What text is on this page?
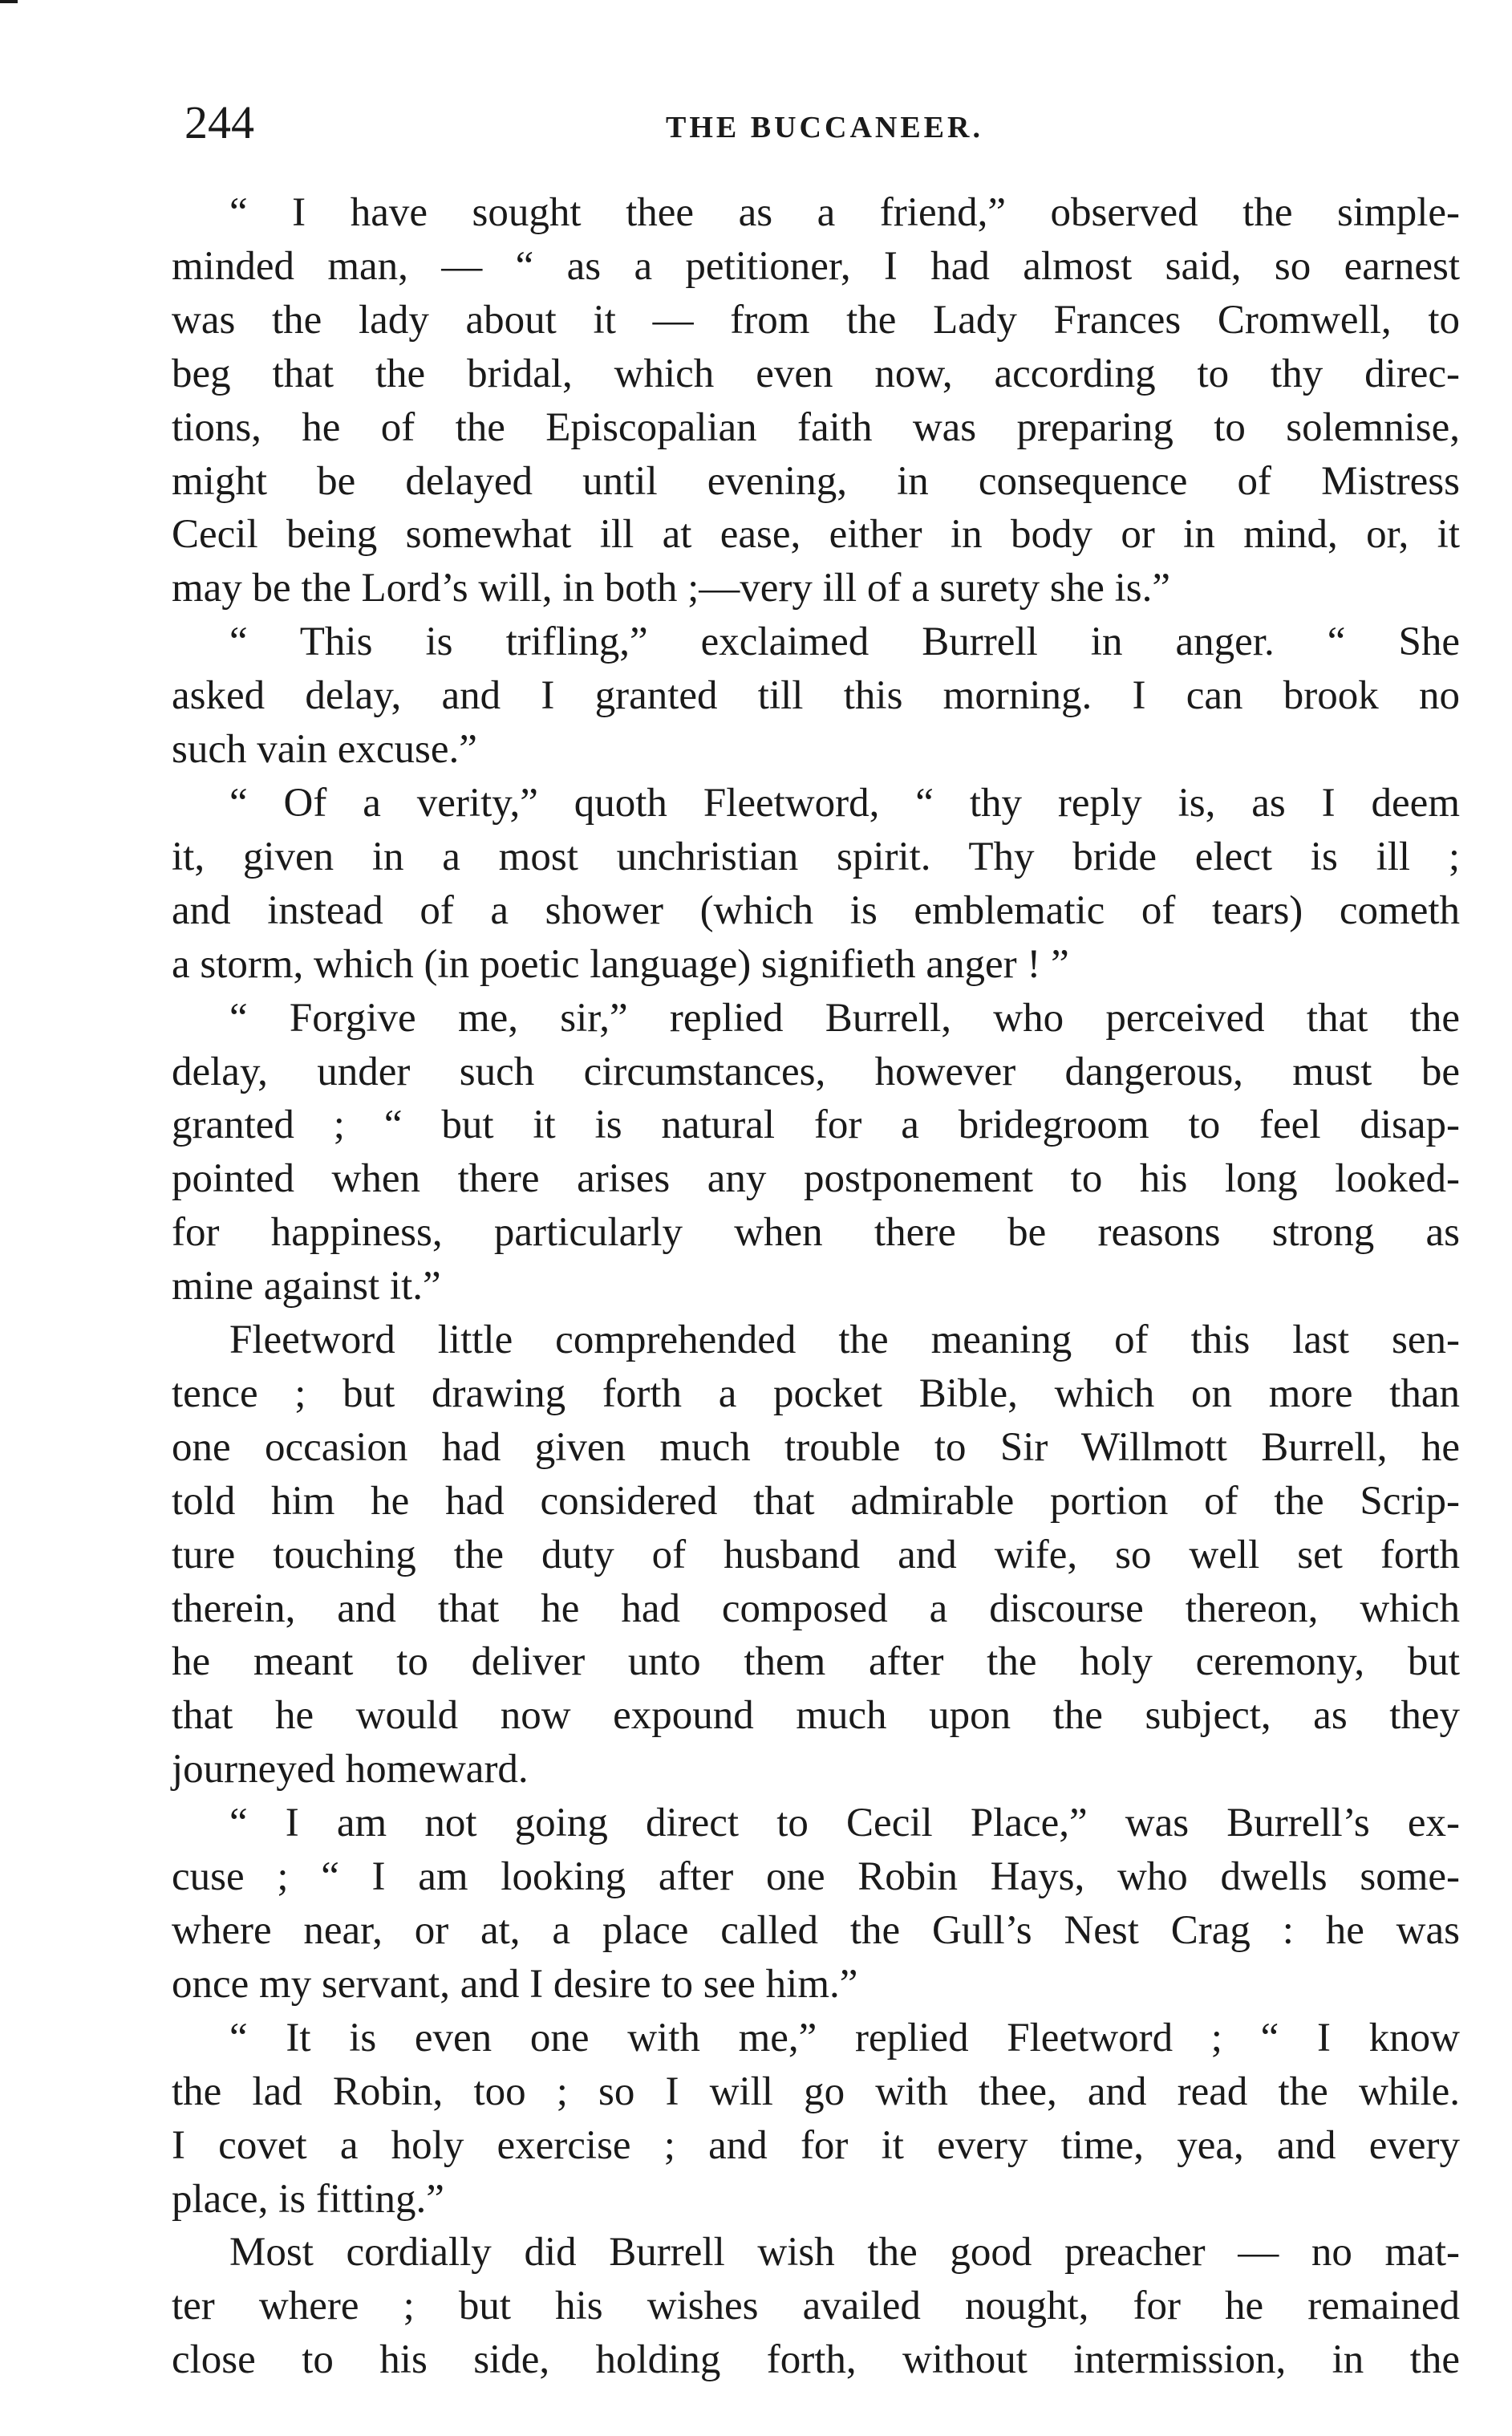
244	THE BUCCANEER.
“ I have sought thee as a friend,” observed the simple-
minded man, — “ as a petitioner, I had almost said, so earnest
was the lady about it — from the Lady Frances Cromwell, to
beg that the bridal, which even now, according to thy direc-
tions, he of the Episcopalian faith was preparing to solemnise,
might be delayed until evening, in consequence of Mistress
Cecil being somewhat ill at ease, either in body or in mind, or, it
may be the Lord’s will, in both ;—very ill of a surety she is.”
“ This is trifling,” exclaimed Burrell in anger. “ She
asked delay, and I granted till this morning. I can brook no
such vain excuse.”
“ Of a verity,” quoth Fleetword, “ thy reply is, as I deem
it, given in a most unchristian spirit. Thy bride elect is ill ;
and instead of a shower (which is emblematic of tears) cometh
a storm, which (in poetic language) signifieth anger ! ”
“ Forgive me, sir,” replied Burrell, who perceived that the
delay, under such circumstances, however dangerous, must be
granted ; “ but it is natural for a bridegroom to feel disap-
pointed when there arises any postponement to his long looked-
for happiness, particularly when there be reasons strong as
mine against it.”
Fleetword little comprehended the meaning of this last sen-
tence ; but drawing forth a pocket Bible, which on more than
one occasion had given much trouble to Sir Willmott Burrell, he
told him he had considered that admirable portion of the Scrip-
ture touching the duty of husband and wife, so well set forth
therein, and that he had composed a discourse thereon, which
he meant to deliver unto them after the holy ceremony, but
that he would now expound much upon the subject, as they
journeyed homeward.
“ I am not going direct to Cecil Place,” was Burrell’s ex-
cuse ; “ I am looking after one Robin Hays, who dwells some-
where near, or at, a place called the Gull’s Nest Crag : he was
once my servant, and I desire to see him.”
“ It is even one with me,” replied Fleetword ; “ I know
the lad Robin, too ; so I will go with thee, and read the while.
I covet a holy exercise ; and for it every time, yea, and every
place, is fitting.”
Most cordially did Burrell wish the good preacher — no mat-
ter where ; but his wishes availed nought, for he remained
close to his side, holding forth, without intermission, in the
